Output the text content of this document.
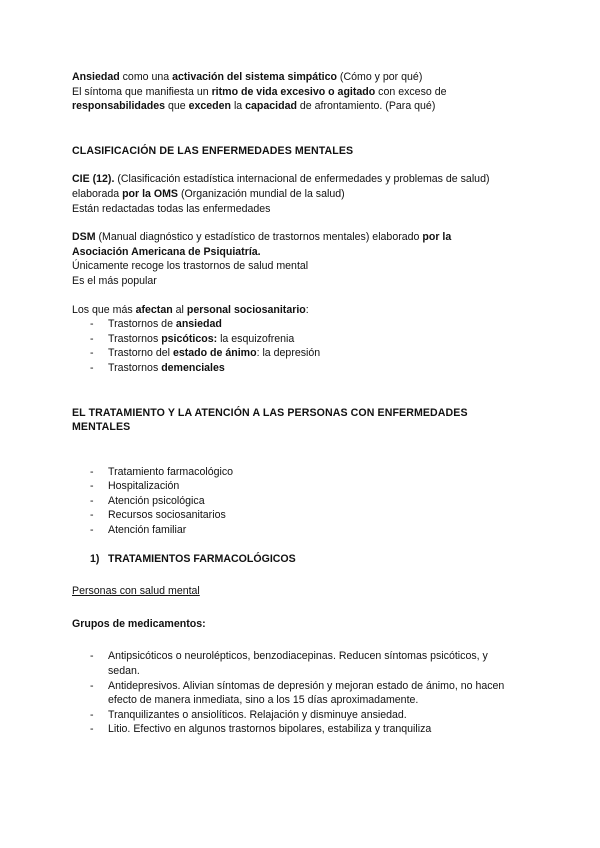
Ansiedad como una activación del sistema simpático (Cómo y por qué)

El síntoma que manifiesta un ritmo de vida excesivo o agitado con exceso de

responsabilidades que exceden la capacidad de afrontamiento. (Para qué)

CLASIFICACIÓN DE LAS ENFERMEDADES MENTALES

CIE (12). (Clasificación estadística internacional de enfermedades y problemas de salud)

elaborada por la OMS (Organización mundial de la salud)

Están redactadas todas las enfermedades

DSM (Manual diagnóstico y estadístico de trastornos mentales) elaborado por la

Asociación Americana de Psiquiatría.

Únicamente recoge los trastornos de salud mental

Es el más popular

Los que más afectan al personal sociosanitario:

- Trastornos de ansiedad
- Trastornos psicóticos: la esquizofrenia
- Trastorno del estado de ánimo: la depresión
- Trastornos demenciales
EL TRATAMIENTO Y LA ATENCIÓN A LAS PERSONAS CON ENFERMEDADES
MENTALES
- Tratamiento farmacológico
- Hospitalización
- Atención psicológica
- Recursos sociosanitarios
- Atención familiar
1) TRATAMIENTOS FARMACOLÓGICOS

Personas con salud mental

Grupos de medicamentos:

- Antipsicóticos o neurolépticos, benzodiacepinas. Reducen síntomas psicóticos, y
sedan.
- Antidepresivos. Alivian síntomas de depresión y mejoran estado de ánimo, no hacen
efecto de manera inmediata, sino a los 15 días aproximadamente.
- Tranquilizantes o ansiolíticos. Relajación y disminuye ansiedad.
- Litio. Efectivo en algunos trastornos bipolares, estabiliza y tranquiliza
